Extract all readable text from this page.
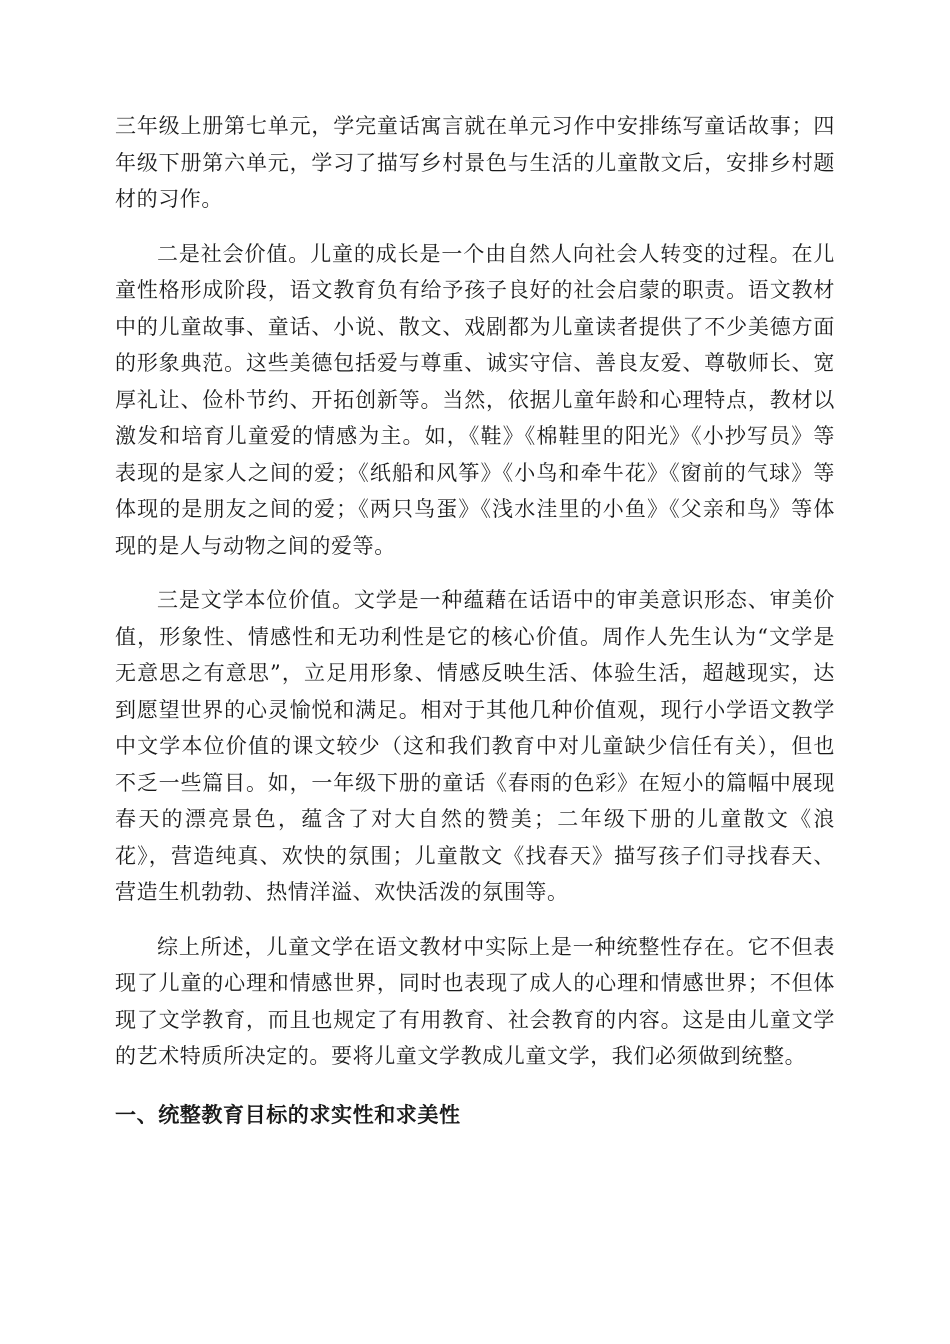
三年级上册第七单元，学完童话寓言就在单元习作中安排练写童话故事；四年级下册第六单元，学习了描写乡村景色与生活的儿童散文后，安排乡村题材的习作。

二是社会价值。儿童的成长是一个由自然人向社会人转变的过程。在儿童性格形成阶段，语文教育负有给予孩子良好的社会启蒙的职责。语文教材中的儿童故事、童话、小说、散文、戏剧都为儿童读者提供了不少美德方面的形象典范。这些美德包括爱与尊重、诚实守信、善良友爱、尊敬师长、宽厚礼让、俭朴节约、开拓创新等。当然，依据儿童年龄和心理特点，教材以激发和培育儿童爱的情感为主。如，《鞋》《棉鞋里的阳光》《小抄写员》等表现的是家人之间的爱；《纸船和风筝》《小鸟和牵牛花》《窗前的气球》等体现的是朋友之间的爱；《两只鸟蛋》《浅水洼里的小鱼》《父亲和鸟》等体现的是人与动物之间的爱等。

三是文学本位价值。文学是一种蕴藉在话语中的审美意识形态、审美价值，形象性、情感性和无功利性是它的核心价值。周作人先生认为“文学是无意思之有意思”，立足用形象、情感反映生活、体验生活，超越现实，达到愿望世界的心灵愉悦和满足。相对于其他几种价值观，现行小学语文教学中文学本位价值的课文较少（这和我们教育中对儿童缺少信任有关），但也不乏一些篇目。如，一年级下册的童话《春雨的色彩》在短小的篇幅中展现春天的漂亮景色，蕴含了对大自然的赞美；二年级下册的儿童散文《浪花》，营造纯真、欢快的氛围；儿童散文《找春天》描写孩子们寻找春天、营造生机勃勃、热情洋溢、欢快活泼的氛围等。

综上所述，儿童文学在语文教材中实际上是一种统整性存在。它不但表现了儿童的心理和情感世界，同时也表现了成人的心理和情感世界；不但体现了文学教育，而且也规定了有用教育、社会教育的内容。这是由儿童文学的艺术特质所决定的。要将儿童文学教成儿童文学，我们必须做到统整。

一、统整教育目标的求实性和求美性
